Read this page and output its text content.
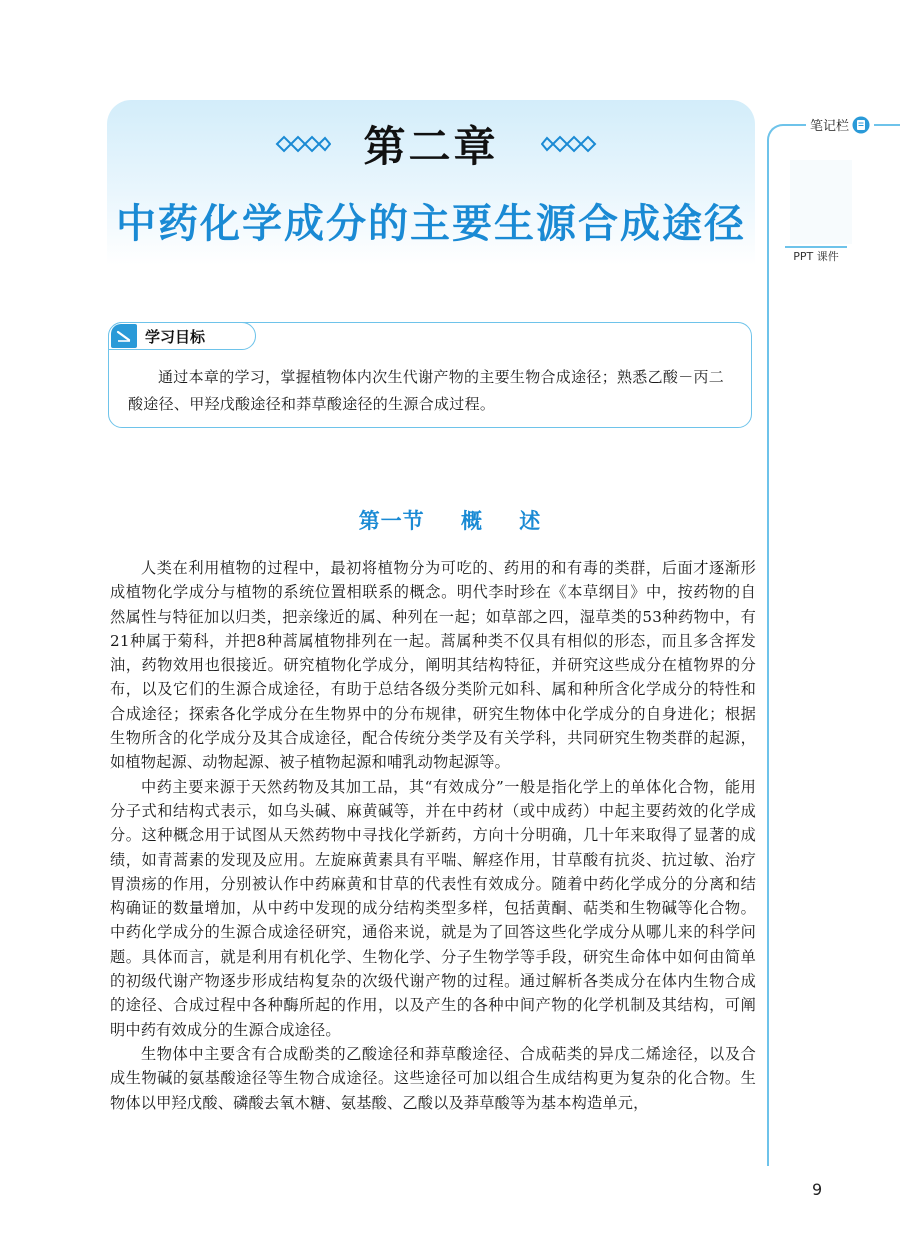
第二章
中药化学成分的主要生源合成途径
笔记栏
PPT 课件
学习目标
通过本章的学习，掌握植物体内次生代谢产物的主要生物合成途径；熟悉乙酸－丙二酸途径、甲羟戊酸途径和莽草酸途径的生源合成过程。
第一节 概 述

人类在利用植物的过程中，最初将植物分为可吃的、药用的和有毒的类群，后面才逐渐形成植物化学成分与植物的系统位置相联系的概念。明代李时珍在《本草纲目》中，按药物的自然属性与特征加以归类，把亲缘近的属、种列在一起；如草部之四，湿草类的53种药物中，有21种属于菊科，并把8种蒿属植物排列在一起。蒿属种类不仅具有相似的形态，而且多含挥发油，药物效用也很接近。研究植物化学成分，阐明其结构特征，并研究这些成分在植物界的分布，以及它们的生源合成途径，有助于总结各级分类阶元如科、属和种所含化学成分的特性和合成途径；探索各化学成分在生物界中的分布规律，研究生物体中化学成分的自身进化；根据生物所含的化学成分及其合成途径，配合传统分类学及有关学科，共同研究生物类群的起源，如植物起源、动物起源、被子植物起源和哺乳动物起源等。

中药主要来源于天然药物及其加工品，其“有效成分”一般是指化学上的单体化合物，能用分子式和结构式表示，如乌头碱、麻黄碱等，并在中药材（或中成药）中起主要药效的化学成分。这种概念用于试图从天然药物中寻找化学新药，方向十分明确，几十年来取得了显著的成绩，如青蒿素的发现及应用。左旋麻黄素具有平喘、解痉作用，甘草酸有抗炎、抗过敏、治疗胃溃疡的作用，分别被认作中药麻黄和甘草的代表性有效成分。随着中药化学成分的分离和结构确证的数量增加，从中药中发现的成分结构类型多样，包括黄酮、萜类和生物碱等化合物。中药化学成分的生源合成途径研究，通俗来说，就是为了回答这些化学成分从哪儿来的科学问题。具体而言，就是利用有机化学、生物化学、分子生物学等手段，研究生命体中如何由简单的初级代谢产物逐步形成结构复杂的次级代谢产物的过程。通过解析各类成分在体内生物合成的途径、合成过程中各种酶所起的作用，以及产生的各种中间产物的化学机制及其结构，可阐明中药有效成分的生源合成途径。

生物体中主要含有合成酚类的乙酸途径和莽草酸途径、合成萜类的异戊二烯途径，以及合成生物碱的氨基酸途径等生物合成途径。这些途径可加以组合生成结构更为复杂的化合物。生物体以甲羟戊酸、磷酸去氧木糖、氨基酸、乙酸以及莽草酸等为基本构造单元，

9
